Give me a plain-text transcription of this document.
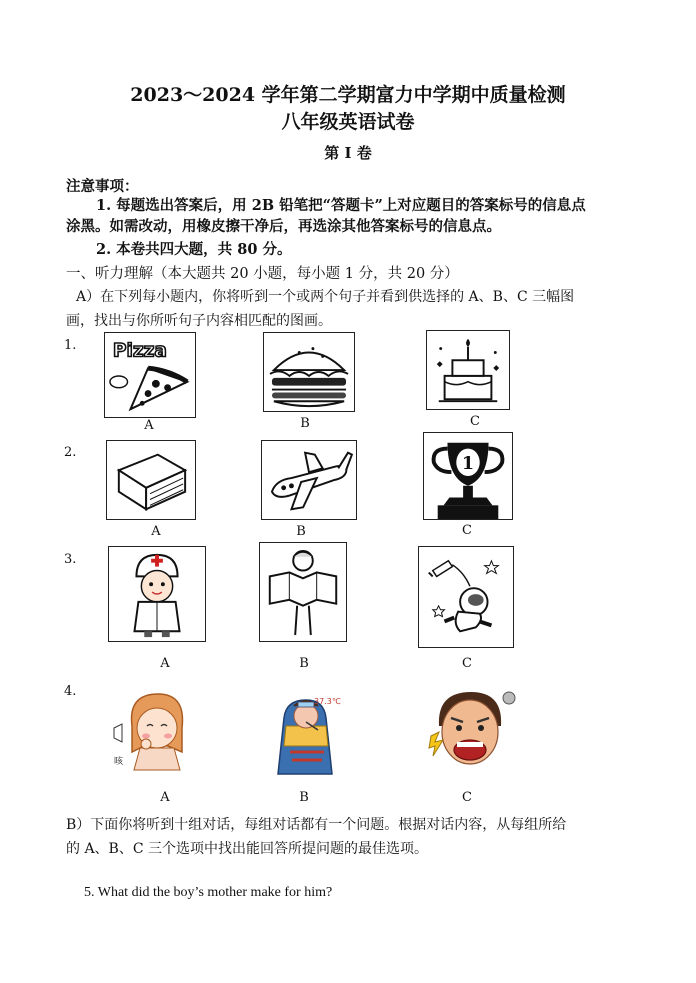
2023～2024 学年第二学期富力中学期中质量检测
八年级英语试卷
第 I 卷
注意事项：
1. 每题选出答案后，用 2B 铅笔把“答题卡”上对应题目的答案标号的信息点
涂黑。如需改动，用橡皮擦干净后，再选涂其他答案标号的信息点。
2. 本卷共四大题，共 80 分。
一、听力理解（本大题共 20 小题，每小题 1 分，共 20 分）
A）在下列每小题内，你将听到一个或两个句子并看到供选择的 A、B、C 三幅图
画，找出与你所听句子内容相匹配的图画。
1. Pizza
A	B	C
2.
A	B
1
C
3.
A	B	C
4.
咳
A
37.3℃
B	C
B）下面你将听到十组对话，每组对话都有一个问题。根据对话内容，从每组所给
的 A、B、C 三个选项中找出能回答所提问题的最佳选项。
5. What did the boy’s mother make for him?
